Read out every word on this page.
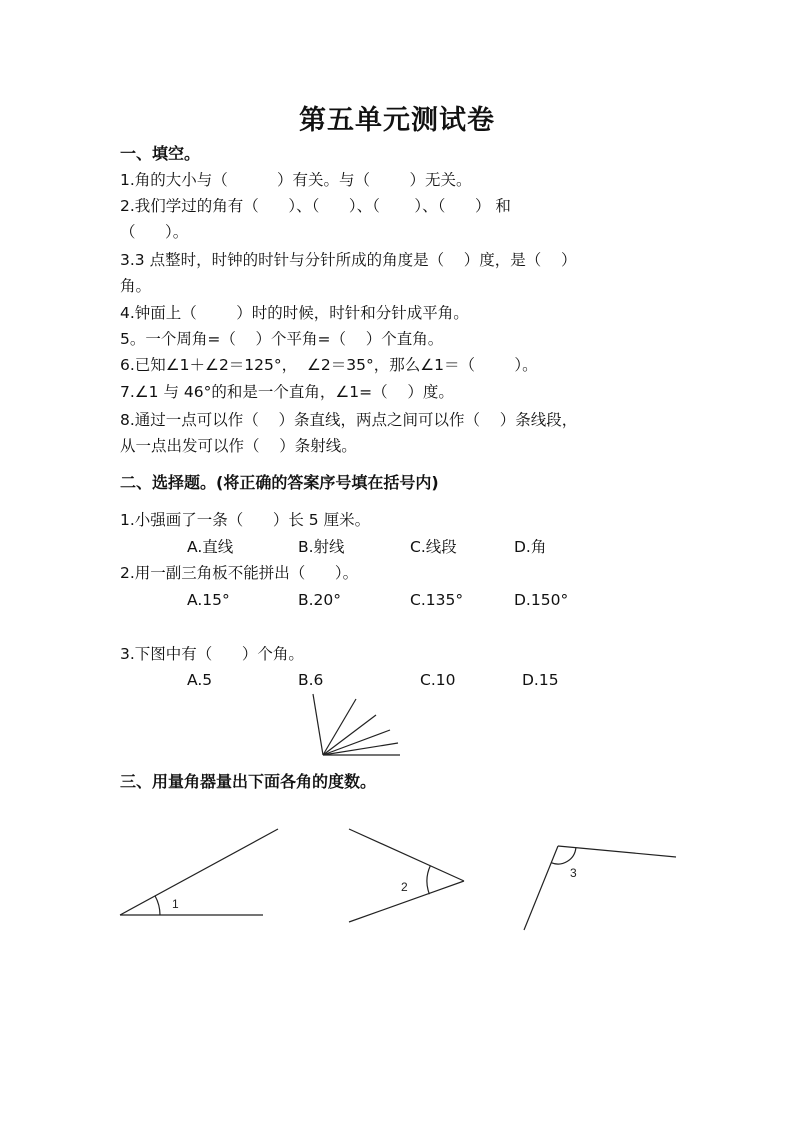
第五单元测试卷
一、填空。
1.角的大小与（          ）有关。与（        ）无关。
2.我们学过的角有（      ）、（      ）、（       ）、（      ） 和
（      ）。
3.3 点整时，时钟的时针与分针所成的角度是（    ）度，是（    ）
角。
4.钟面上（        ）时的时候，时针和分针成平角。
5。一个周角=（    ）个平角=（    ）个直角。
6.已知∠1＋∠2＝125°，  ∠2＝35°，那么∠1＝（        ）。
7.∠1 与 46°的和是一个直角，∠1=（    ）度。
8.通过一点可以作（    ）条直线，两点之间可以作（    ）条线段，
从一点出发可以作（    ）条射线。
二、选择题。(将正确的答案序号填在括号内)
1.小强画了一条（      ）长 5 厘米。
A.直线	B.射线	C.线段	D.角
2.用一副三角板不能拼出（      ）。
A.15°	B.20°	C.135°	D.150°
3.下图中有（      ）个角。
A.5	B.6	C.10	D.15
三、用量角器量出下面各角的度数。
1
2
3
